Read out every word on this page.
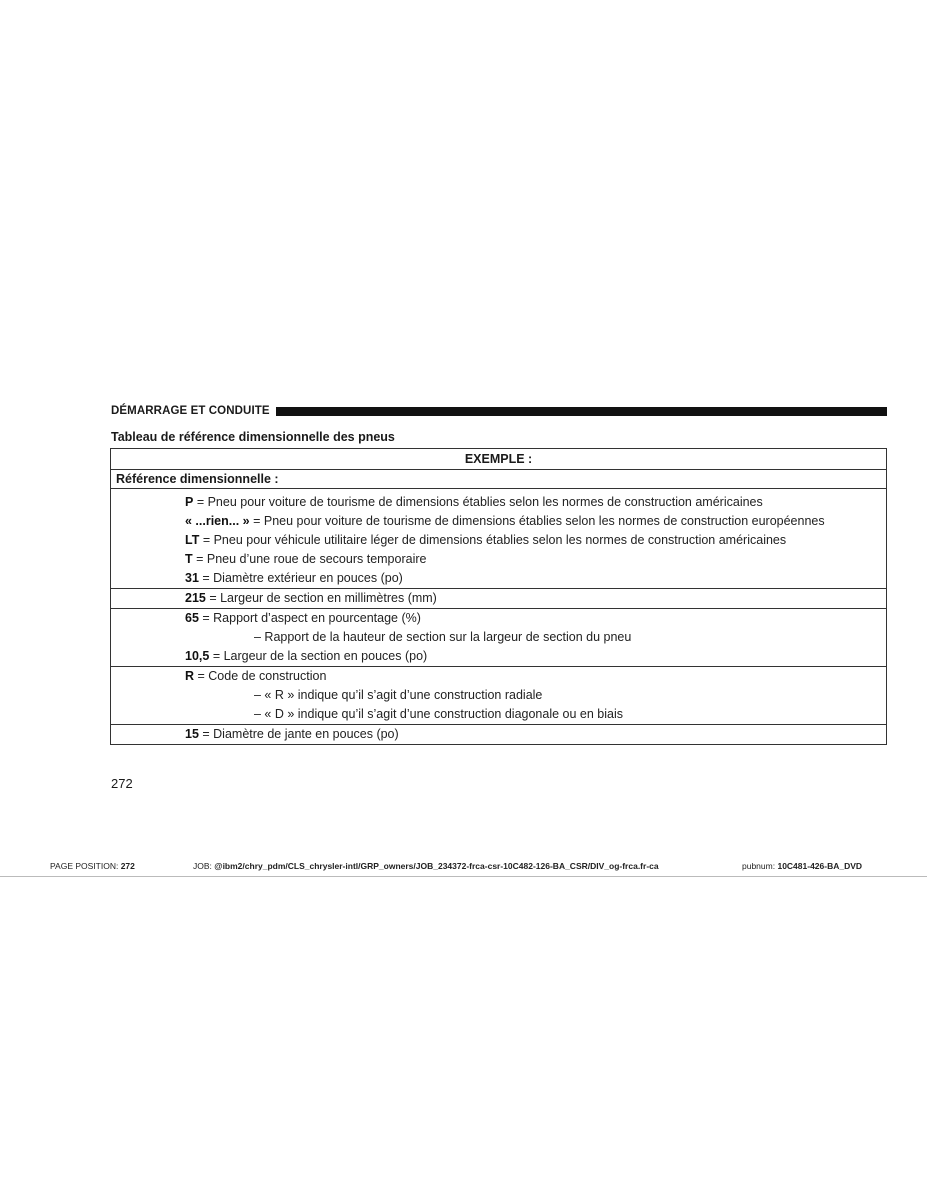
DÉMARRAGE ET CONDUITE
Tableau de référence dimensionnelle des pneus
EXEMPLE :
Référence dimensionnelle :
P = Pneu pour voiture de tourisme de dimensions établies selon les normes de construction américaines
« ...rien... » = Pneu pour voiture de tourisme de dimensions établies selon les normes de construction européennes
LT = Pneu pour véhicule utilitaire léger de dimensions établies selon les normes de construction américaines
T = Pneu d’une roue de secours temporaire
31 = Diamètre extérieur en pouces (po)
215 = Largeur de section en millimètres (mm)
65 = Rapport d’aspect en pourcentage (%)
– Rapport de la hauteur de section sur la largeur de section du pneu
10,5 = Largeur de la section en pouces (po)
R = Code de construction
– « R » indique qu’il s’agit d’une construction radiale
– « D » indique qu’il s’agit d’une construction diagonale ou en biais
15 = Diamètre de jante en pouces (po)
272
PAGE POSITION: 272	JOB: @ibm2/chry_pdm/CLS_chrysler-intl/GRP_owners/JOB_234372-frca-csr-10C482-126-BA_CSR/DIV_og-frca.fr-ca	pubnum: 10C481-426-BA_DVD
